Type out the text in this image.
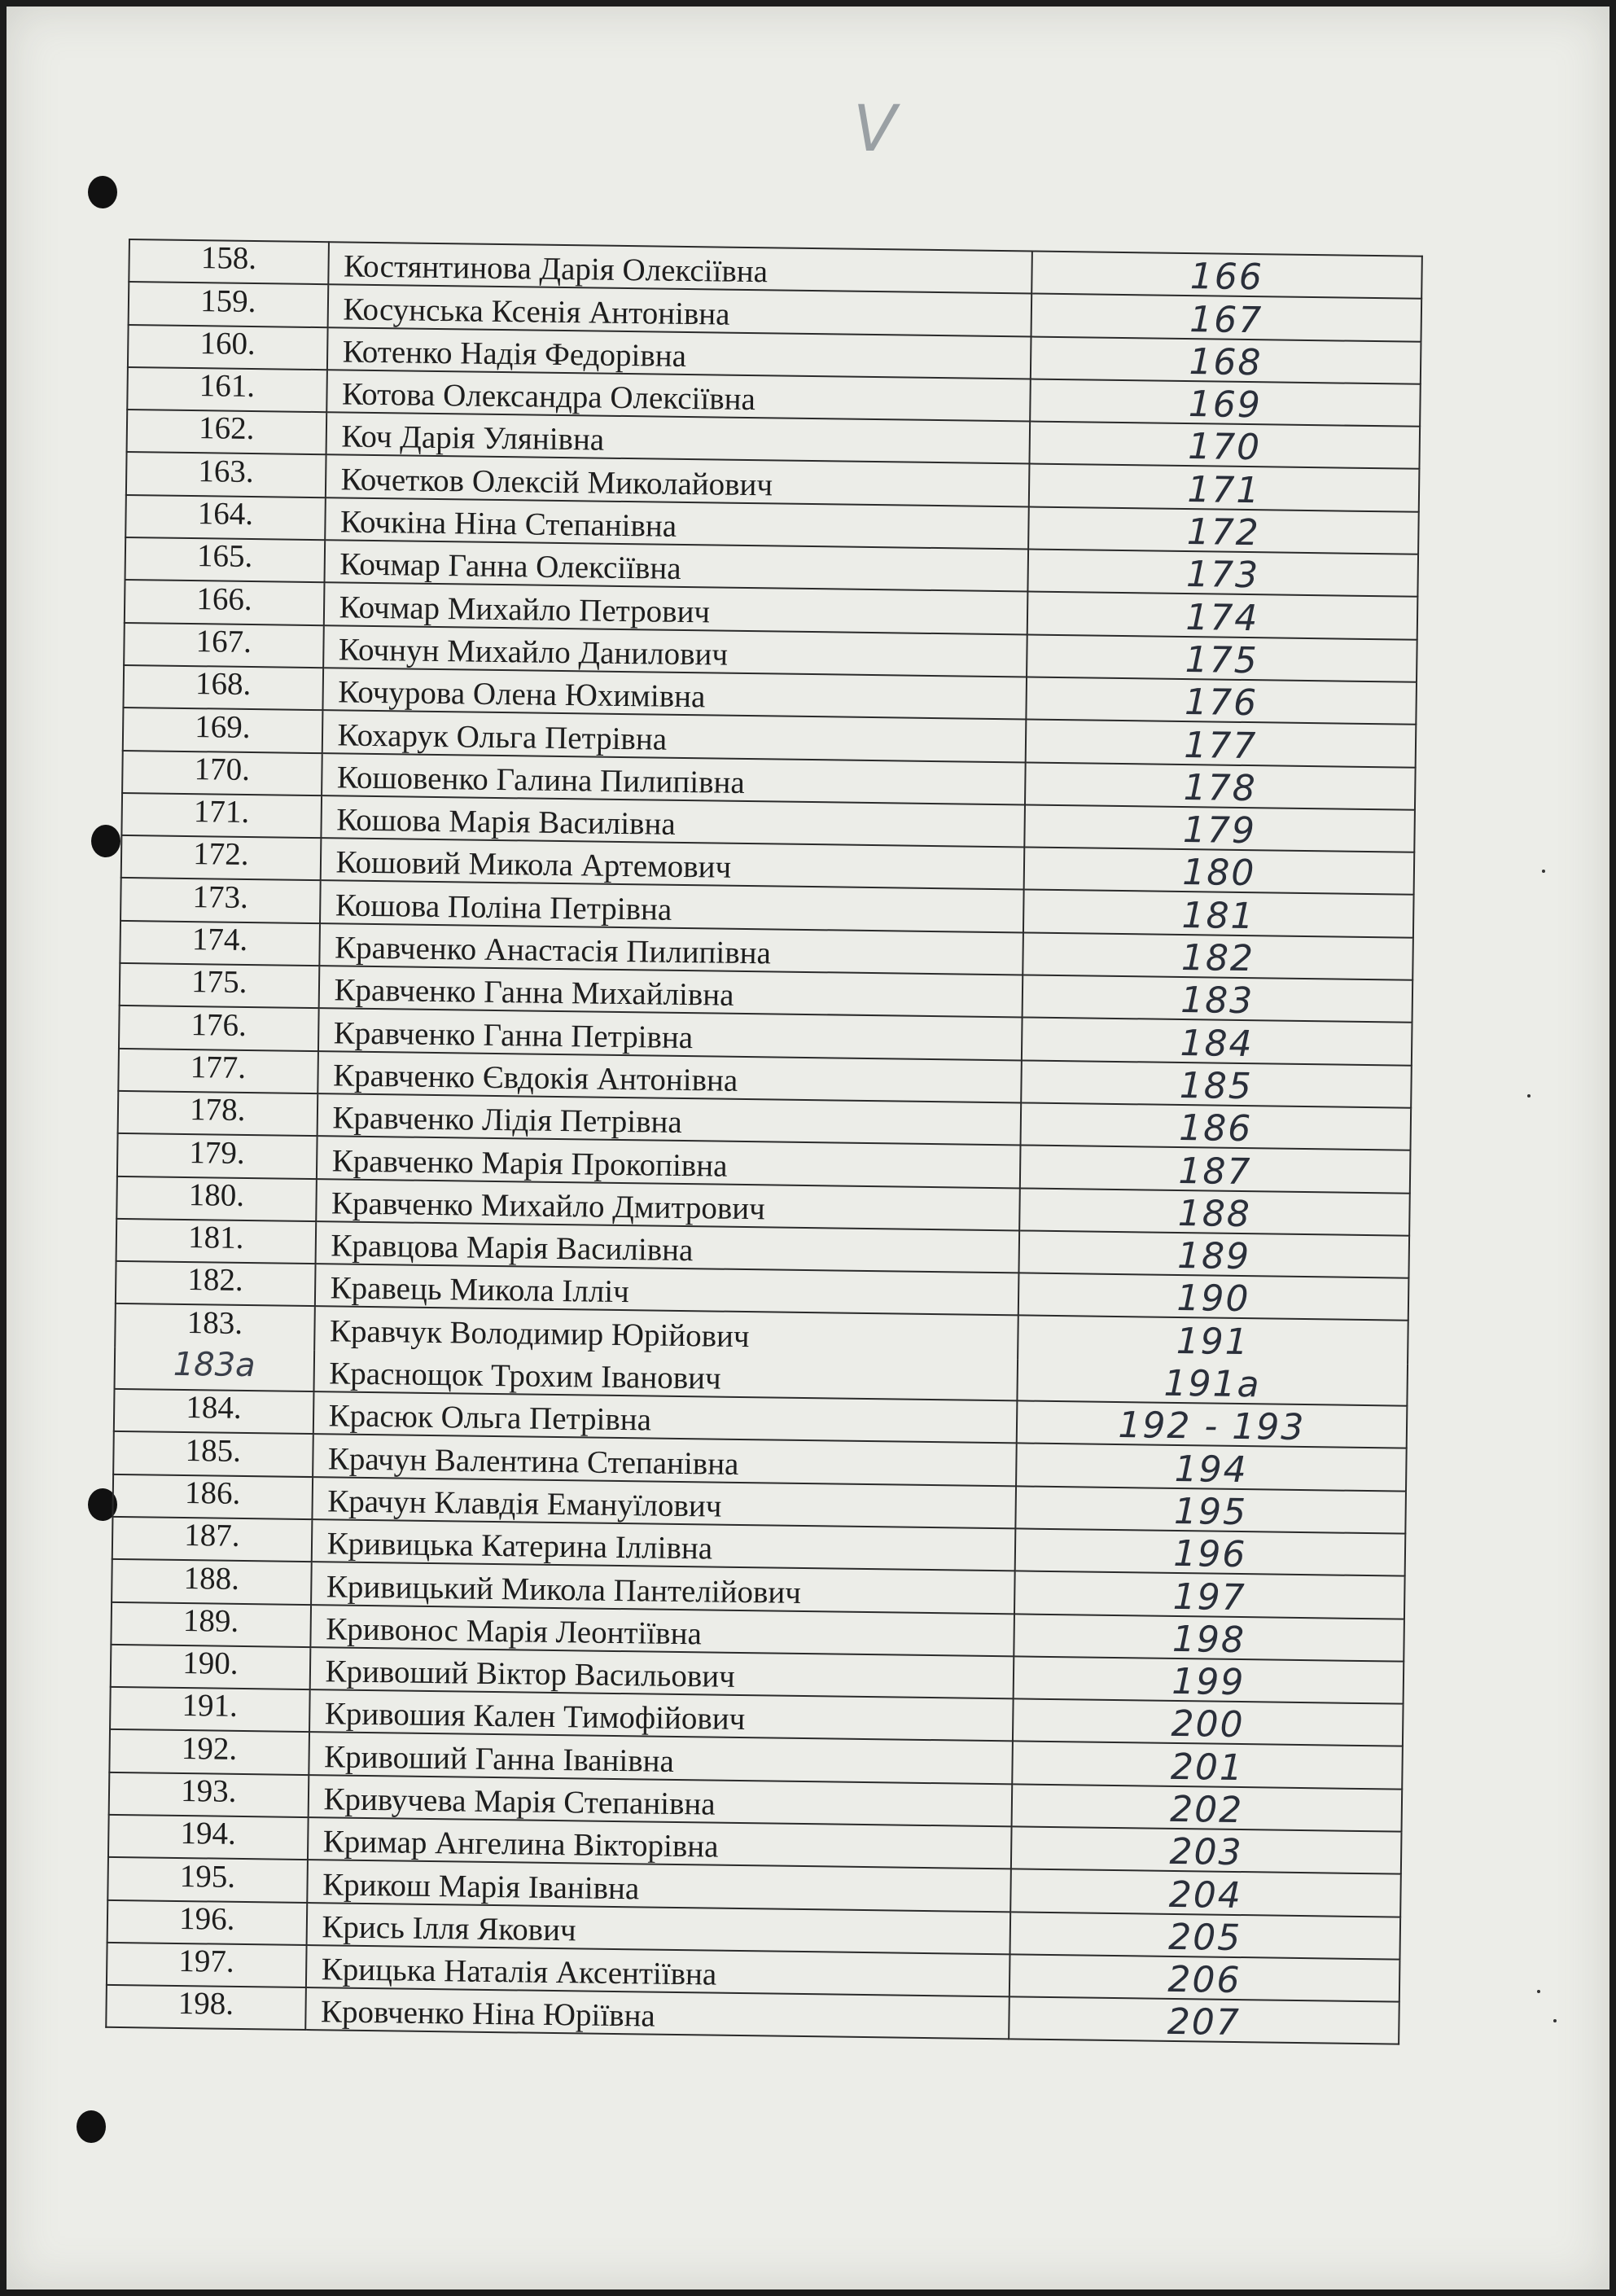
V
158.	Костянтинова Дарія Олексіївна	166
159.	Косунська Ксенія Антонівна	167
160.	Котенко Надія Федорівна	168
161.	Котова Олександра Олексіївна	169
162.	Коч Дарія Улянівна	170
163.	Кочетков Олексій Миколайович	171
164.	Кочкіна Ніна Степанівна	172
165.	Кочмар Ганна Олексіївна	173
166.	Кочмар Михайло Петрович	174
167.	Кочнун Михайло Данилович	175
168.	Кочурова Олена Юхимівна	176
169.	Кохарук Ольга Петрівна	177
170.	Кошовенко Галина Пилипівна	178
171.	Кошова Марія Василівна	179
172.	Кошовий Микола Артемович	180
173.	Кошова Поліна Петрівна	181
174.	Кравченко Анастасія Пилипівна	182
175.	Кравченко Ганна Михайлівна	183
176.	Кравченко Ганна Петрівна	184
177.	Кравченко Євдокія Антонівна	185
178.	Кравченко Лідія Петрівна	186
179.	Кравченко Марія Прокопівна	187
180.	Кравченко Михайло Дмитрович	188
181.	Кравцова Марія Василівна	189
182.	Кравець Микола Ілліч	190
183.	Кравчук Володимир Юрійович	191
183а	Краснощок Трохим Іванович	191а
184.	Красюк Ольга Петрівна	192 - 193
185.	Крачун Валентина Степанівна	194
186.	Крачун Клавдія Емануїлович	195
187.	Кривицька Катерина Іллівна	196
188.	Кривицький Микола Пантелійович	197
189.	Кривонос Марія Леонтіївна	198
190.	Кривоший Віктор Васильович	199
191.	Кривошия Кален Тимофійович	200
192.	Кривоший Ганна Іванівна	201
193.	Кривучева Марія Степанівна	202
194.	Кримар Ангелина Вікторівна	203
195.	Крикош Марія Іванівна	204
196.	Крись Ілля Якович	205
197.	Крицька Наталія Аксентіївна	206
198.	Кровченко Ніна Юріївна	207
